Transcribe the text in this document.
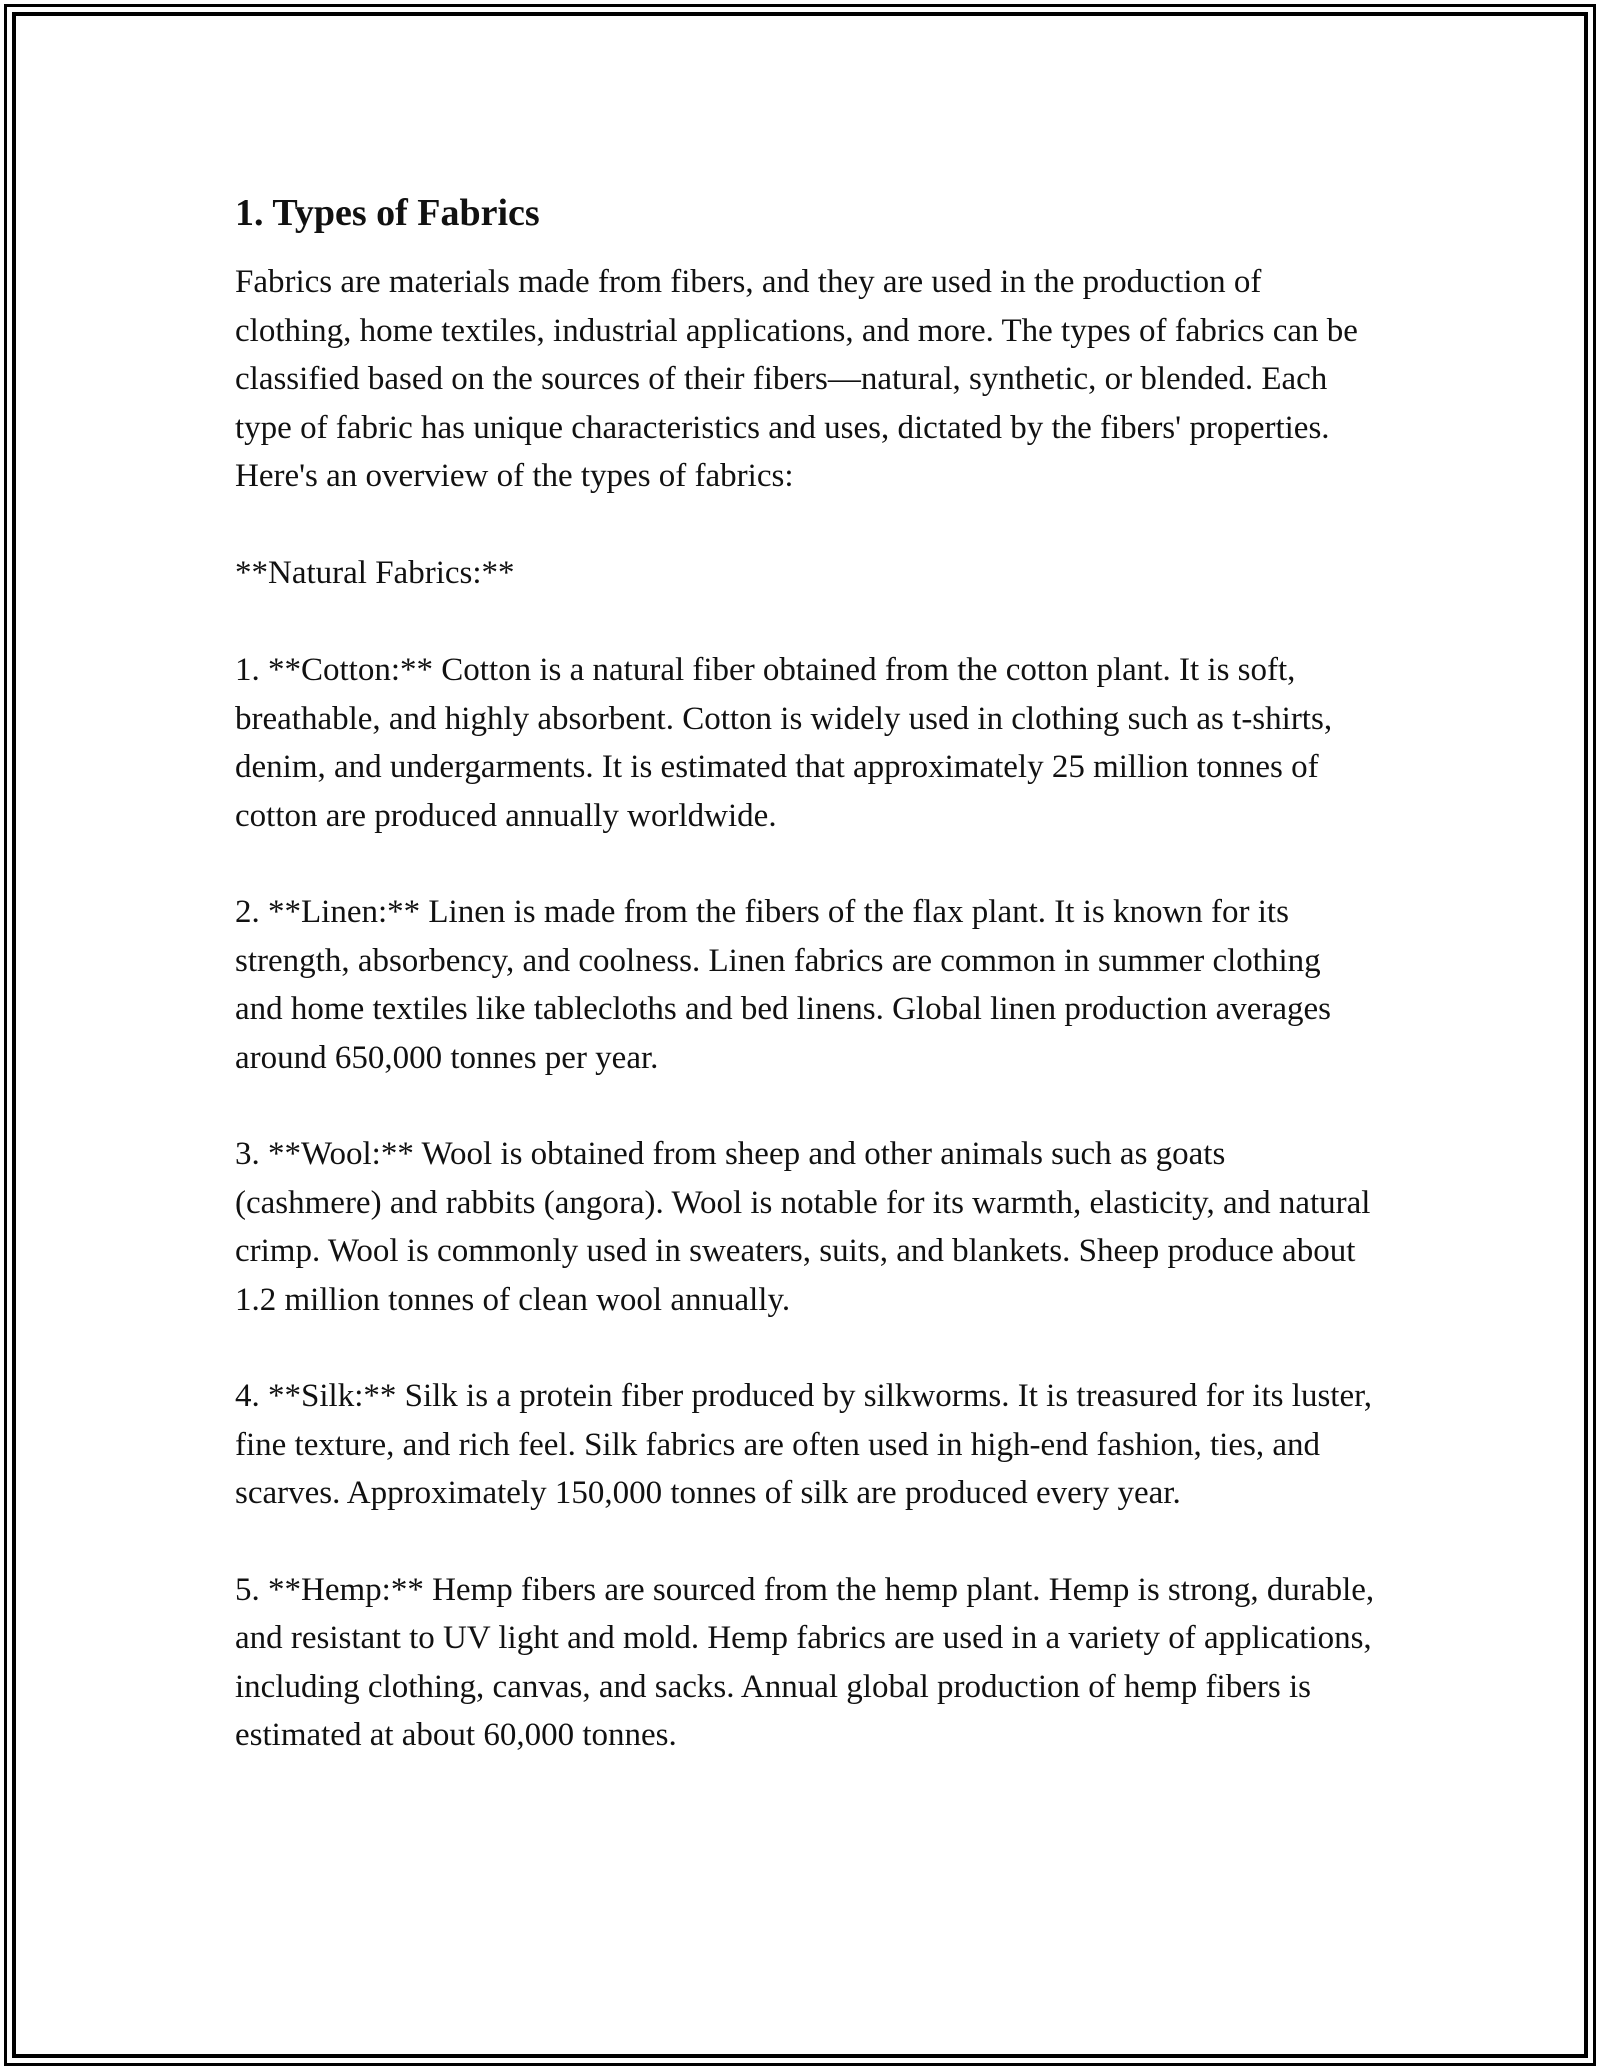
1. Types of Fabrics

Fabrics are materials made from fibers, and they are used in the production of clothing, home textiles, industrial applications, and more. The types of fabrics can be classified based on the sources of their fibers—natural, synthetic, or blended. Each type of fabric has unique characteristics and uses, dictated by the fibers' properties. Here's an overview of the types of fabrics:

**Natural Fabrics:**

1. **Cotton:** Cotton is a natural fiber obtained from the cotton plant. It is soft, breathable, and highly absorbent. Cotton is widely used in clothing such as t-shirts, denim, and undergarments. It is estimated that approximately 25 million tonnes of cotton are produced annually worldwide.

2. **Linen:** Linen is made from the fibers of the flax plant. It is known for its strength, absorbency, and coolness. Linen fabrics are common in summer clothing and home textiles like tablecloths and bed linens. Global linen production averages around 650,000 tonnes per year.

3. **Wool:** Wool is obtained from sheep and other animals such as goats (cashmere) and rabbits (angora). Wool is notable for its warmth, elasticity, and natural crimp. Wool is commonly used in sweaters, suits, and blankets. Sheep produce about 1.2 million tonnes of clean wool annually.

4. **Silk:** Silk is a protein fiber produced by silkworms. It is treasured for its luster, fine texture, and rich feel. Silk fabrics are often used in high-end fashion, ties, and scarves. Approximately 150,000 tonnes of silk are produced every year.

5. **Hemp:** Hemp fibers are sourced from the hemp plant. Hemp is strong, durable, and resistant to UV light and mold. Hemp fabrics are used in a variety of applications, including clothing, canvas, and sacks. Annual global production of hemp fibers is estimated at about 60,000 tonnes.
